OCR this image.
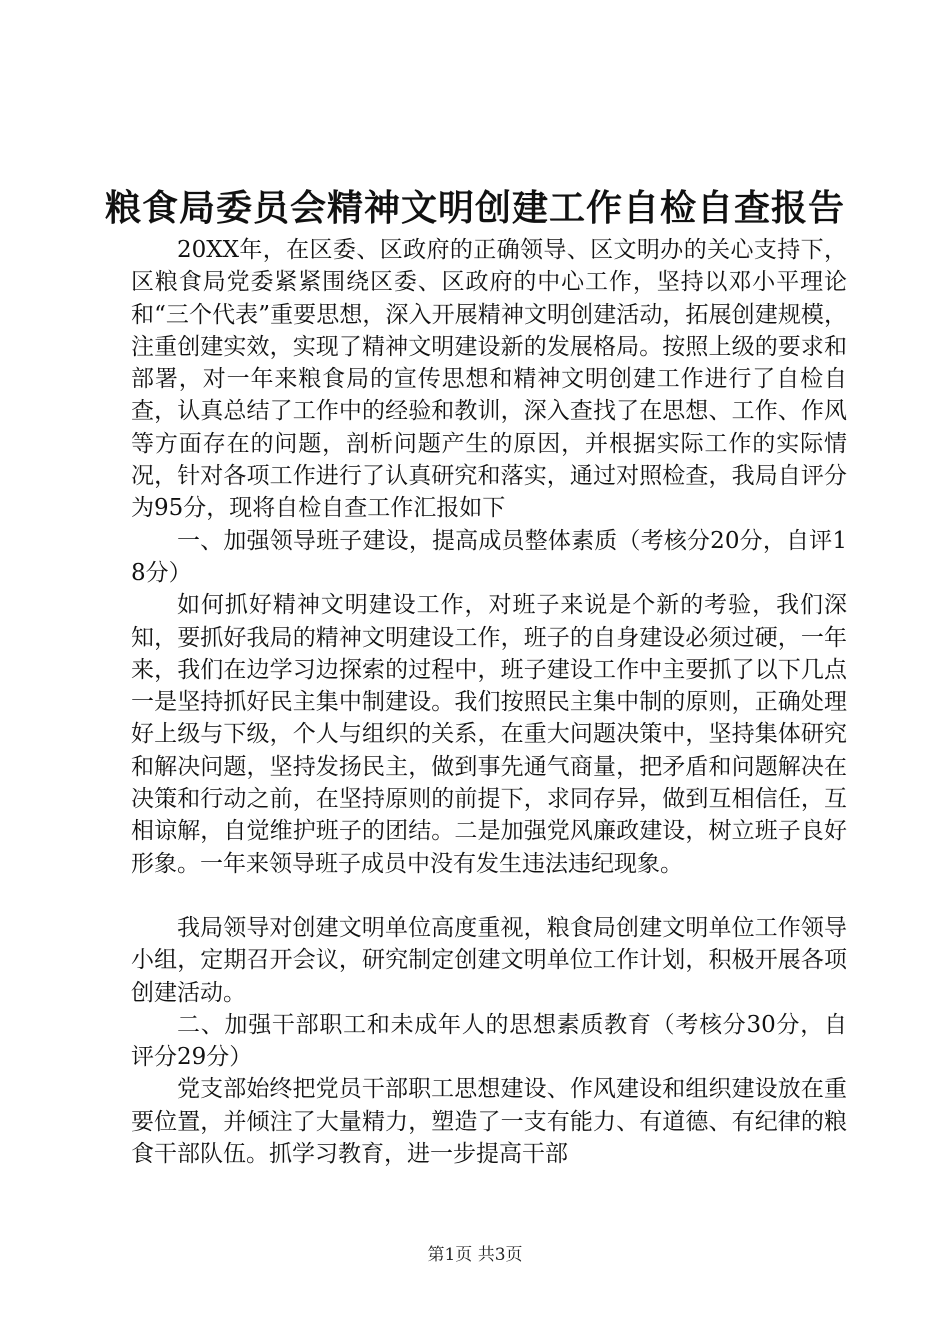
粮食局委员会精神文明创建工作自检自查报告

20XX年，在区委、区政府的正确领导、区文明办的关心支持下，区粮食局党委紧紧围绕区委、区政府的中心工作，坚持以邓小平理论和“三个代表”重要思想，深入开展精神文明创建活动，拓展创建规模，注重创建实效，实现了精神文明建设新的发展格局。按照上级的要求和部署，对一年来粮食局的宣传思想和精神文明创建工作进行了自检自查，认真总结了工作中的经验和教训，深入查找了在思想、工作、作风等方面存在的问题，剖析问题产生的原因，并根据实际工作的实际情况，针对各项工作进行了认真研究和落实，通过对照检查，我局自评分为95分，现将自检自查工作汇报如下

一、加强领导班子建设，提高成员整体素质（考核分20分，自评18分）

如何抓好精神文明建设工作，对班子来说是个新的考验，我们深知，要抓好我局的精神文明建设工作，班子的自身建设必须过硬，一年来，我们在边学习边探索的过程中，班子建设工作中主要抓了以下几点一是坚持抓好民主集中制建设。我们按照民主集中制的原则，正确处理好上级与下级，个人与组织的关系，在重大问题决策中，坚持集体研究和解决问题，坚持发扬民主，做到事先通气商量，把矛盾和问题解决在决策和行动之前，在坚持原则的前提下，求同存异，做到互相信任，互相谅解，自觉维护班子的团结。二是加强党风廉政建设，树立班子良好形象。一年来领导班子成员中没有发生违法违纪现象。

我局领导对创建文明单位高度重视，粮食局创建文明单位工作领导小组，定期召开会议，研究制定创建文明单位工作计划，积极开展各项创建活动。

二、加强干部职工和未成年人的思想素质教育（考核分30分，自评分29分）

党支部始终把党员干部职工思想建设、作风建设和组织建设放在重要位置，并倾注了大量精力，塑造了一支有能力、有道德、有纪律的粮食干部队伍。抓学习教育，进一步提高干部

第1页 共3页
